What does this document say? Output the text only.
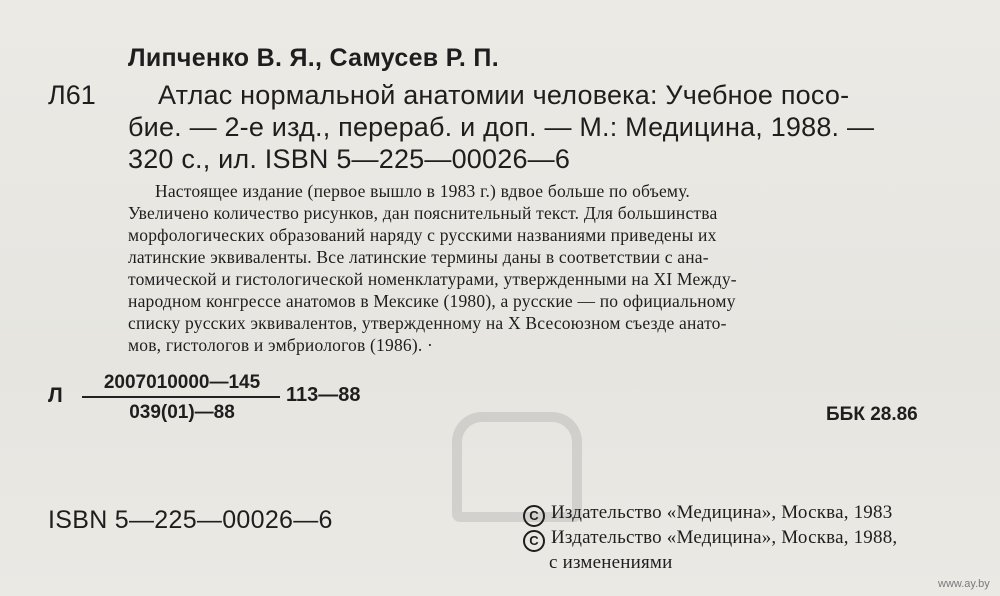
Липченко В. Я., Самусев Р. П.
Л61 Атлас нормальной анатомии человека: Учебное посо-
бие. — 2-е изд., перераб. и доп. — М.: Медицина, 1988. —
320 с., ил. ISBN 5—225—00026—6
Настоящее издание (первое вышло в 1983 г.) вдвое больше по объему.
Увеличено количество рисунков, дан пояснительный текст. Для большинства
морфологических образований наряду с русскими названиями приведены их
латинские эквиваленты. Все латинские термины даны в соответствии с ана-
томической и гистологической номенклатурами, утвержденными на XI Между-
народном конгрессе анатомов в Мексике (1980), а русские — по официальному
списку русских эквивалентов, утвержденному на X Всесоюзном съезде анато-
мов, гистологов и эмбриологов (1986). ·
Л
2007010000—145
039(01)—88
113—88
ББК 28.86
ISBN 5—225—00026—6	C Издательство «Медицина», Москва, 1983
C Издательство «Медицина», Москва, 1988,
с изменениями
www.ay.by
